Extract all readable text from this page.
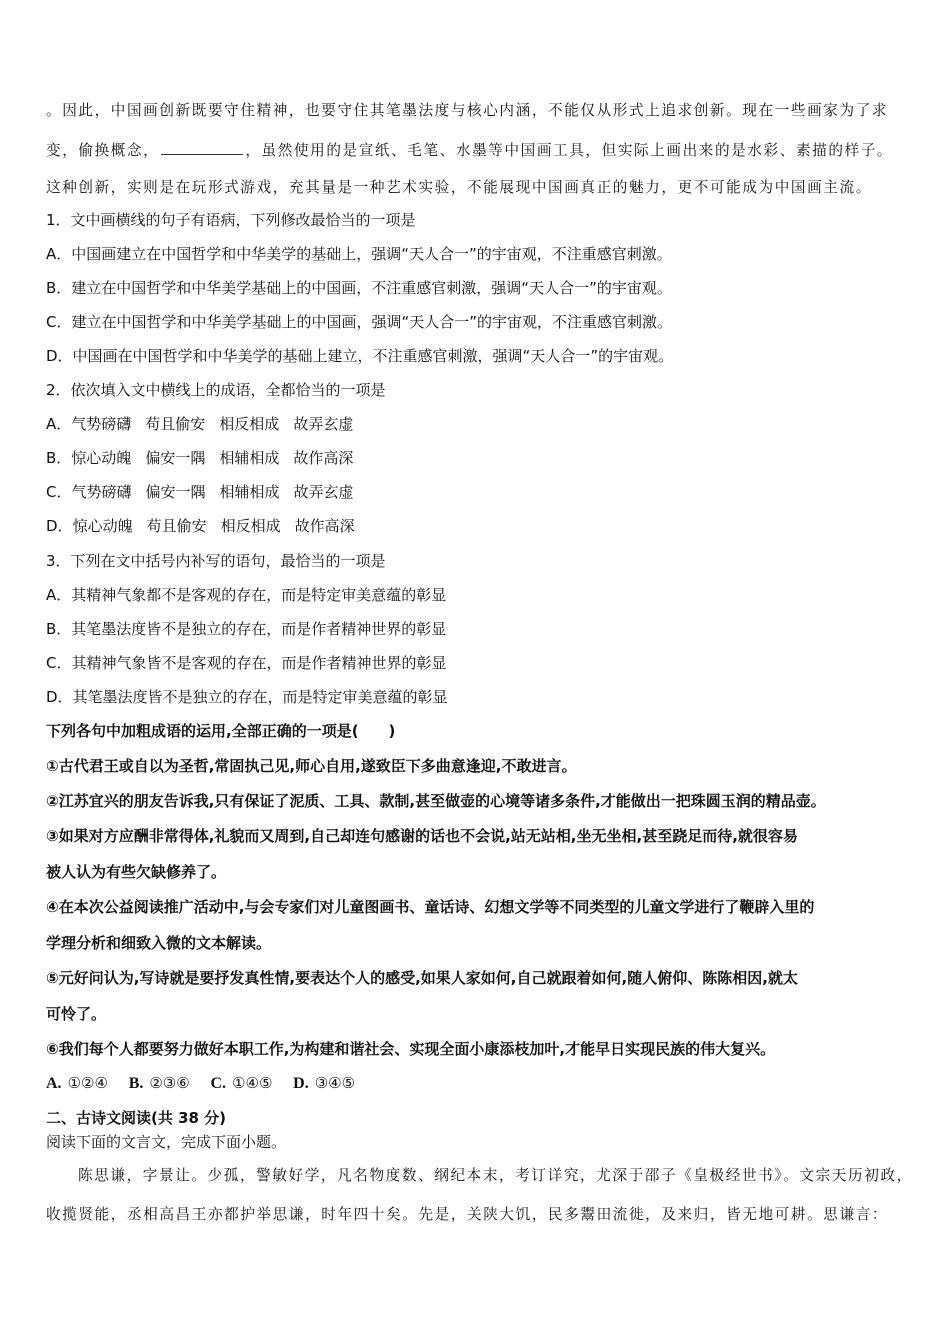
。因此，中国画创新既要守住精神，也要守住其笔墨法度与核心内涵，不能仅从形式上追求创新。现在一些画家为了求
变，偷换概念，	，虽然使用的是宣纸、毛笔、水墨等中国画工具，但实际上画出来的是水彩、素描的样子。
这种创新，实则是在玩形式游戏，充其量是一种艺术实验，不能展现中国画真正的魅力，更不可能成为中国画主流。
1．文中画横线的句子有语病，下列修改最恰当的一项是
A．中国画建立在中国哲学和中华美学的基础上，强调“天人合一”的宇宙观，不注重感官刺激。
B．建立在中国哲学和中华美学基础上的中国画，不注重感官刺激，强调“天人合一”的宇宙观。
C．建立在中国哲学和中华美学基础上的中国画，强调“天人合一”的宇宙观，不注重感官刺激。
D．中国画在中国哲学和中华美学的基础上建立，不注重感官刺激，强调“天人合一”的宇宙观。
2．依次填入文中横线上的成语，全都恰当的一项是
A．气势磅礴 苟且偷安 相反相成 故弄玄虚
B．惊心动魄 偏安一隅 相辅相成 故作高深
C．气势磅礴 偏安一隅 相辅相成 故弄玄虚
D．惊心动魄 苟且偷安 相反相成 故作高深
3．下列在文中括号内补写的语句，最恰当的一项是
A．其精神气象都不是客观的存在，而是特定审美意蕴的彰显
B．其笔墨法度皆不是独立的存在，而是作者精神世界的彰显
C．其精神气象皆不是客观的存在，而是作者精神世界的彰显
D．其笔墨法度皆不是独立的存在，而是特定审美意蕴的彰显
下列各句中加粗成语的运用,全部正确的一项是(　　)
①古代君王或自以为圣哲,常固执己见,师心自用,遂致臣下多曲意逢迎,不敢进言。
②江苏宜兴的朋友告诉我,只有保证了泥质、工具、款制,甚至做壶的心境等诸多条件,才能做出一把珠圆玉润的精品壶。
③如果对方应酬非常得体,礼貌而又周到,自己却连句感谢的话也不会说,站无站相,坐无坐相,甚至跷足而待,就很容易
被人认为有些欠缺修养了。
④在本次公益阅读推广活动中,与会专家们对儿童图画书、童话诗、幻想文学等不同类型的儿童文学进行了鞭辟入里的
学理分析和细致入微的文本解读。
⑤元好问认为,写诗就是要抒发真性情,要表达个人的感受,如果人家如何,自己就跟着如何,随人俯仰、陈陈相因,就太
可怜了。
⑥我们每个人都要努力做好本职工作,为构建和谐社会、实现全面小康添枝加叶,才能早日实现民族的伟大复兴。
A. ①②④ B. ②③⑥ C. ①④⑤ D. ③④⑤
二、古诗文阅读(共 38 分)
阅读下面的文言文，完成下面小题。
陈思谦，字景让。少孤，警敏好学，凡名物度数、纲纪本末，考订详究，尤深于邵子《皇极经世书》。文宗天历初政，
收揽贤能，丞相高昌王亦都护举思谦，时年四十矣。先是，关陕大饥，民多鬻田流徙，及来归，皆无地可耕。思谦言：
